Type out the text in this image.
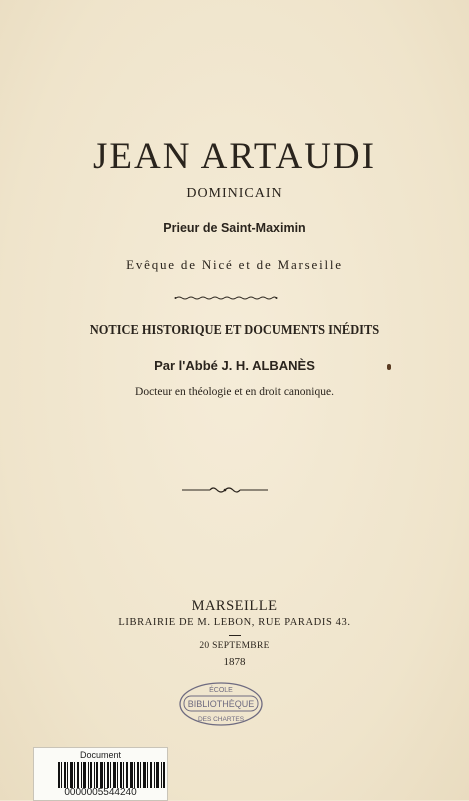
JEAN ARTAUDI
DOMINICAIN
Prieur de Saint-Maximin
Evêque de Nicé et de Marseille
NOTICE HISTORIQUE ET DOCUMENTS INÉDITS
Par l'Abbé J. H. ALBANÈS
Docteur en théologie et en droit canonique.
MARSEILLE
LIBRAIRIE DE M. LEBON, RUE PARADIS 43.
20 SEPTEMBRE
1878
ÉCOLE
BIBLIOTHÈQUE
DES CHARTES
Document
0000005544240
